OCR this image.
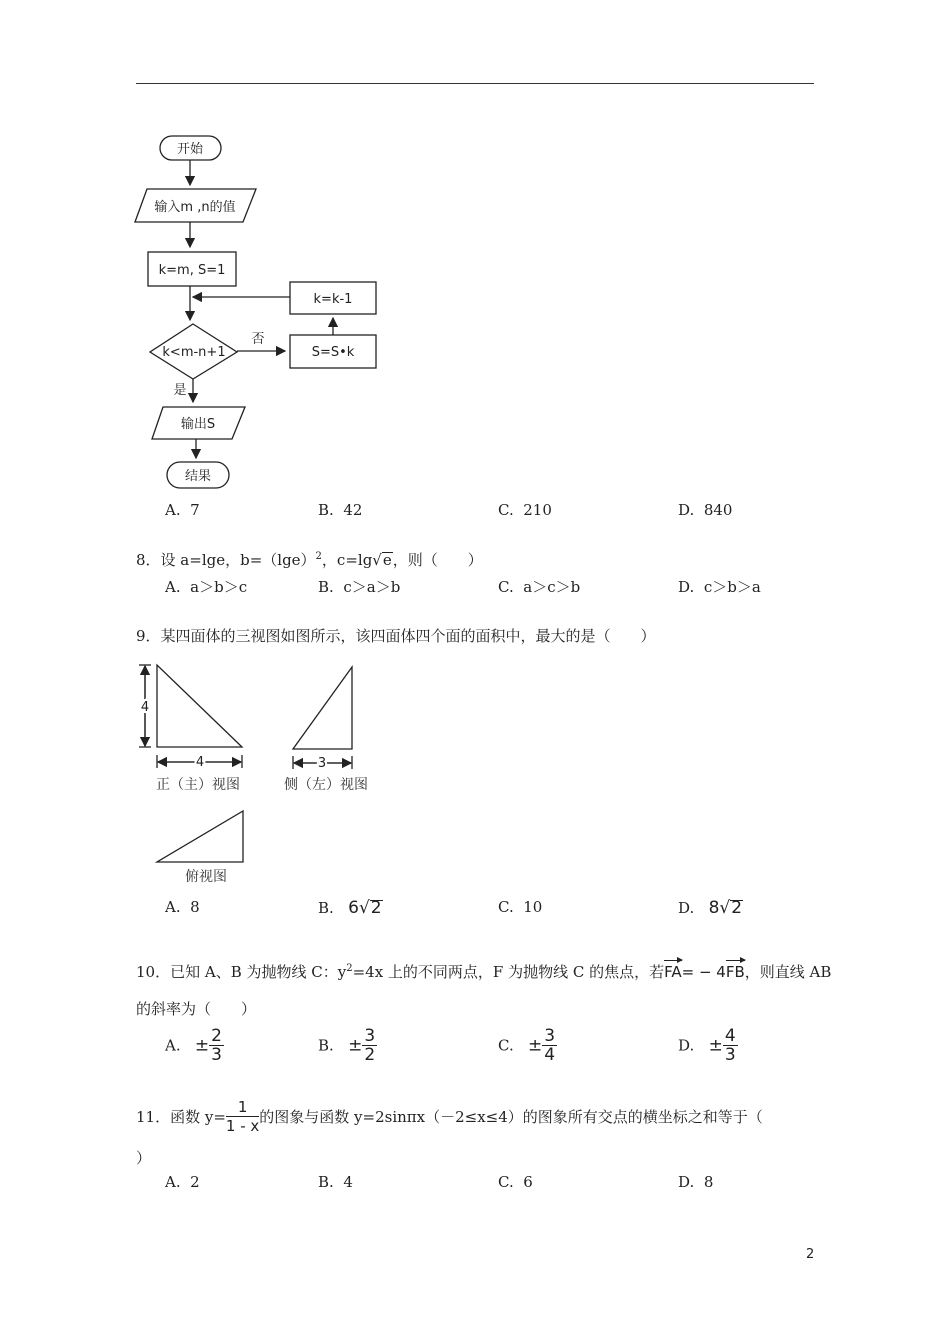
开始
输入m ,n的值
k=m, S=1
k=k-1
k<m-n+1
否
是
S=S•k
输出S
结果
4
4	3
正（主）视图	侧（左）视图
俯视图
A. 7	B. 42	C. 210	D. 840
8．设 a=lge，$b=(\lg e)^2$，c=lg√e，则（　　）
A. a＞b＞c	B. c＞a＞b	C. a＞c＞b	D. c＞b＞a
9．某四面体的三视图如图所示，该四面体四个面的面积中，最大的是（　　）
A. 8	B. 6√2	C. 10	D. 8√2
10．已知 A、B 为抛物线 C：$y^2=4x$ 上的不同两点，F 为抛物线 C 的焦点，若FA= − 4FB，则直线 AB
的斜率为（　　）
A. ± $\frac{2}{3}$	B. ± $\frac{3}{2}$	C. ± $\frac{3}{4}$	D. ± $\frac{4}{3}$
11．函数 $y= \frac{1}{1 - x}$ 的图象与函数 y=2sinπx（－2≤x≤4）的图象所有交点的横坐标之和等于（
）
A. 2	B. 4	C. 6	D. 8
2
